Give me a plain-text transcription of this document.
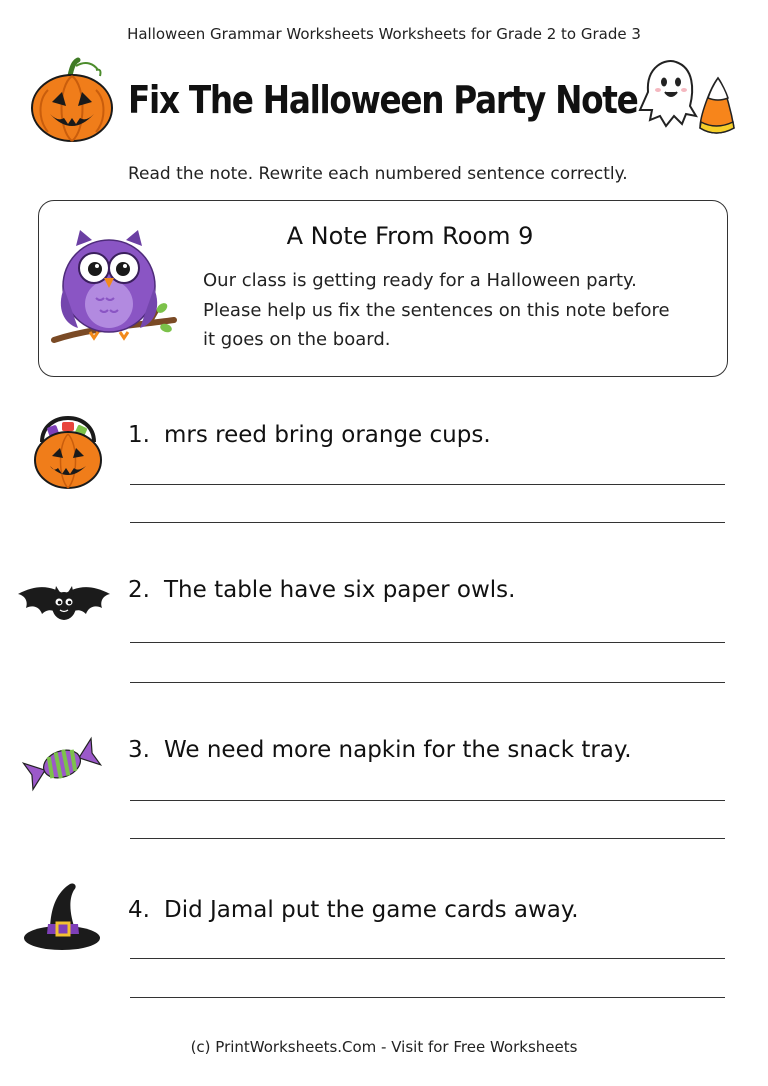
Halloween Grammar Worksheets Worksheets for Grade 2 to Grade 3
Fix The Halloween Party Note
Read the note. Rewrite each numbered sentence correctly.
A Note From Room 9
Our class is getting ready for a Halloween party.
Please help us fix the sentences on this note before
it goes on the board.
1. mrs reed bring orange cups.
2. The table have six paper owls.
3. We need more napkin for the snack tray.
4. Did Jamal put the game cards away.
(c) PrintWorksheets.Com - Visit for Free Worksheets
